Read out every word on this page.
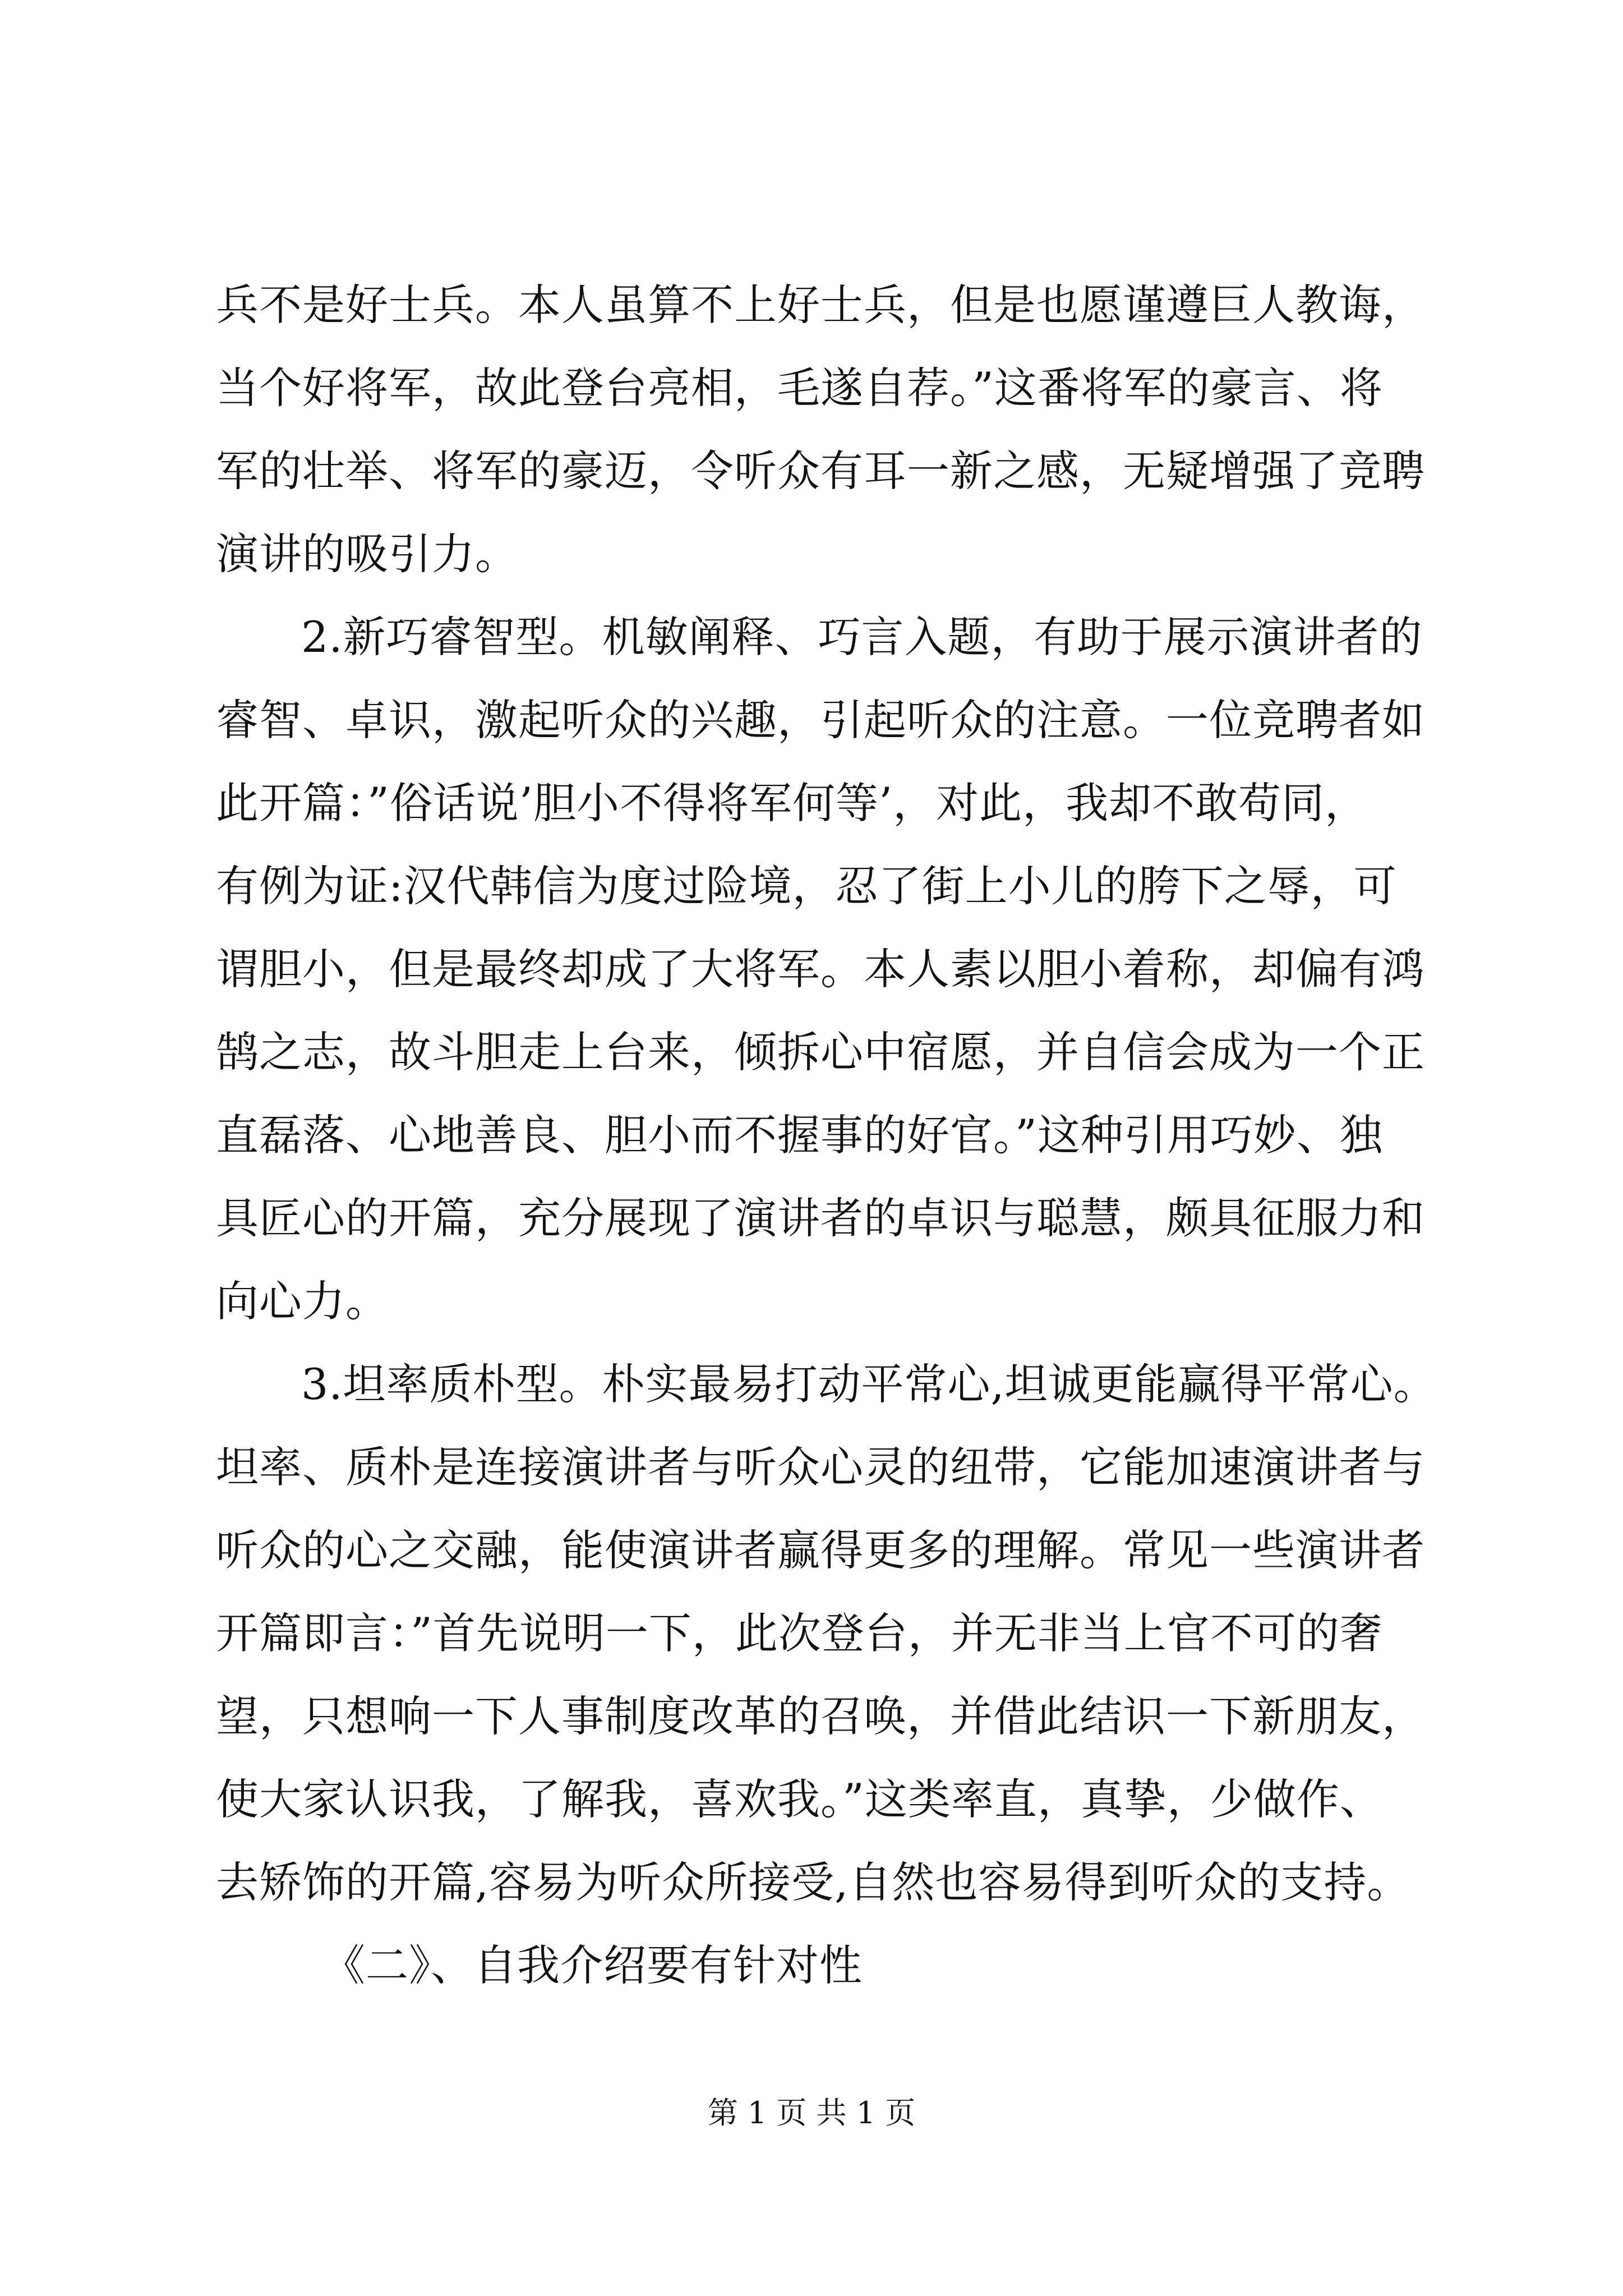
兵不是好士兵。本人虽算不上好士兵，但是也愿谨遵巨人教诲，
当个好将军，故此登台亮相，毛遂自荐。”这番将军的豪言、将
军的壮举、将军的豪迈，令听众有耳一新之感，无疑增强了竞聘
演讲的吸引力。
2.新巧睿智型。机敏阐释、巧言入题，有助于展示演讲者的
睿智、卓识，激起听众的兴趣，引起听众的注意。一位竞聘者如
此开篇：”俗话说’胆小不得将军何等’，对此，我却不敢苟同，
有例为证:汉代韩信为度过险境，忍了街上小儿的胯下之辱，可
谓胆小，但是最终却成了大将军。本人素以胆小着称，却偏有鸿
鹄之志，故斗胆走上台来，倾拆心中宿愿，并自信会成为一个正
直磊落、心地善良、胆小而不握事的好官。”这种引用巧妙、独
具匠心的开篇，充分展现了演讲者的卓识与聪慧，颇具征服力和
向心力。
3.坦率质朴型。朴实最易打动平常心,坦诚更能赢得平常心。
坦率、质朴是连接演讲者与听众心灵的纽带，它能加速演讲者与
听众的心之交融，能使演讲者赢得更多的理解。常见一些演讲者
开篇即言：”首先说明一下，此次登台，并无非当上官不可的奢
望，只想响一下人事制度改革的召唤，并借此结识一下新朋友，
使大家认识我，了解我，喜欢我。”这类率直，真挚，少做作、
去矫饰的开篇,容易为听众所接受,自然也容易得到听众的支持。
《二》、自我介绍要有针对性
第 1 页 共 1 页
